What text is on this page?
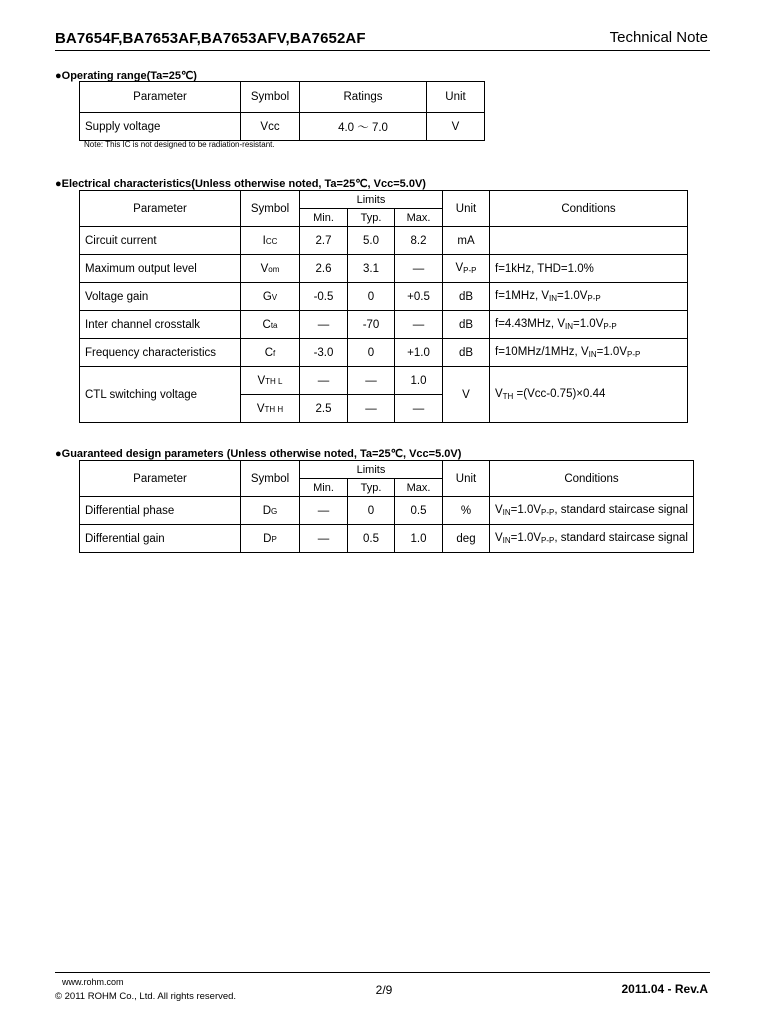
BA7654F,BA7653AF,BA7653AFV,BA7652AF	Technical Note
●Operating range(Ta=25℃)
Parameter	Symbol	Ratings	Unit
Supply voltage	Vcc	4.0 ～ 7.0	V
Note: This IC is not designed to be radiation-resistant.
●Electrical characteristics(Unless otherwise noted, Ta=25℃, Vcc=5.0V)
Parameter	Symbol	Limits			Unit	Conditions
		Min.	Typ.	Max.		
Circuit current	ICC	2.7	5.0	8.2	mA	
Maximum output level	Vom	2.6	3.1	—	$V_{P-P}$	f=1kHz, THD=1.0%
Voltage gain	GV	-0.5	0	+0.5	dB	f=1MHz, $V_{IN}=1.0V_{P-P}$
Inter channel crosstalk	Cta	—	-70	—	dB	f=4.43MHz, $V_{IN}=1.0V_{P-P}$
Frequency characteristics	Cf	-3.0	0	+1.0	dB	f=10MHz/1MHz, $V_{IN}=1.0V_{P-P}$
CTL switching voltage	VTH L	—	—	1.0	V	$V_{TH} =(Vcc-0.75)\times 0.44$
	VTH H	2.5	—	—		
●Guaranteed design parameters (Unless otherwise noted, Ta=25℃, Vcc=5.0V)
Parameter	Symbol	Limits			Unit	Conditions
		Min.	Typ.	Max.		
Differential phase	DG	—	0	0.5	%	$V_{IN}=1.0V_{P-P}$, standard staircase signal
Differential gain	DP	—	0.5	1.0	deg	$V_{IN}=1.0V_{P-P}$, standard staircase signal
www.rohm.com
© 2011 ROHM Co., Ltd. All rights reserved.	2/9	2011.04 - Rev.A
